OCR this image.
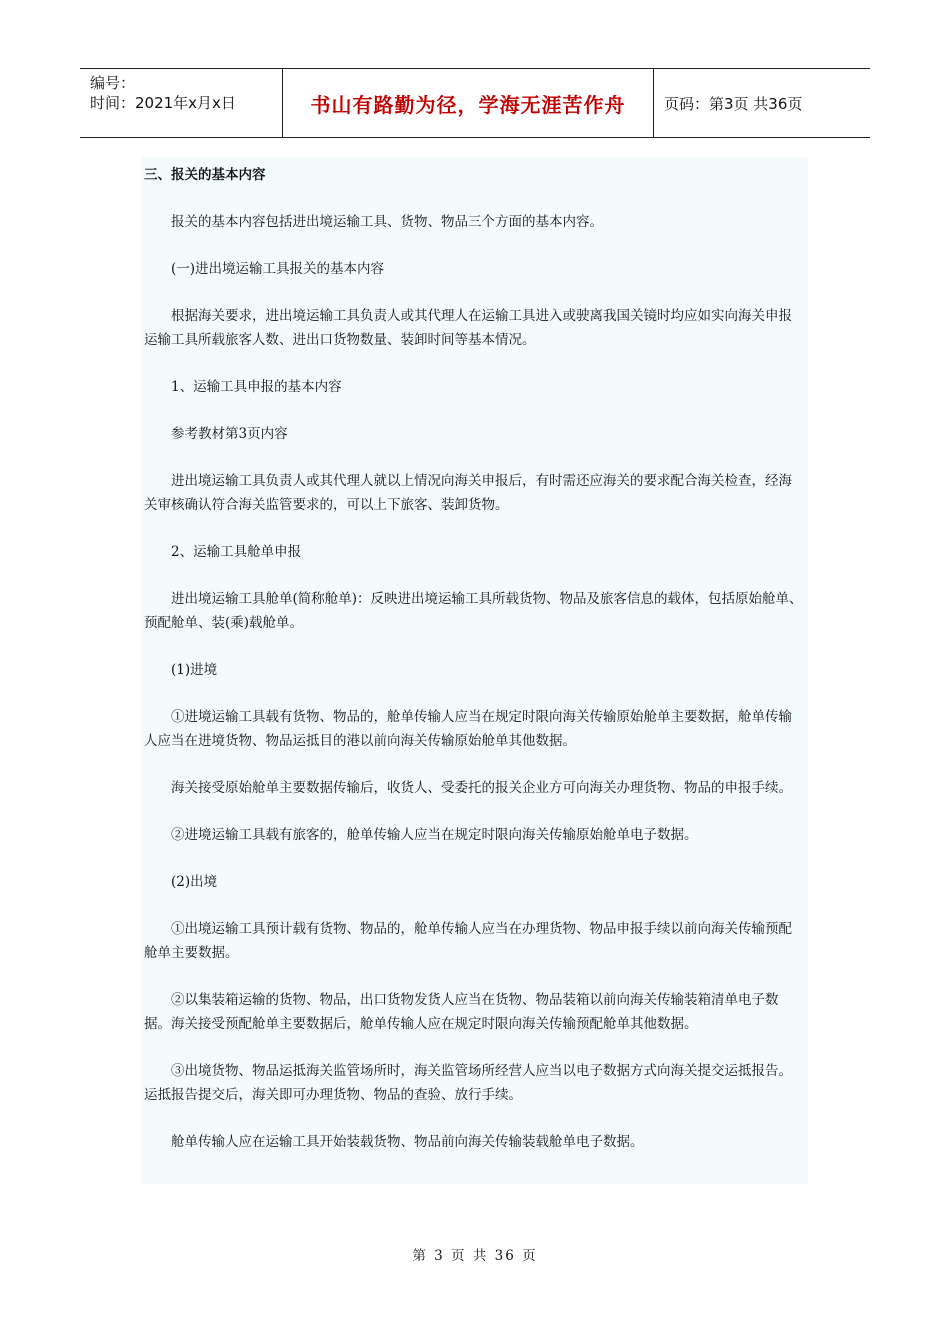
编号：
时间：2021年x月x日	书山有路勤为径，学海无涯苦作舟	页码：第3页 共36页

三、报关的基本内容

报关的基本内容包括进出境运输工具、货物、物品三个方面的基本内容。

(一)进出境运输工具报关的基本内容

根据海关要求，进出境运输工具负责人或其代理人在运输工具进入或驶离我国关镜时均应如实向海关申报运输工具所载旅客人数、进出口货物数量、装卸时间等基本情况。

1、运输工具申报的基本内容

参考教材第3页内容

进出境运输工具负责人或其代理人就以上情况向海关申报后，有时需还应海关的要求配合海关检查，经海关审核确认符合海关监管要求的，可以上下旅客、装卸货物。

2、运输工具舱单申报

进出境运输工具舱单(简称舱单)：反映进出境运输工具所载货物、物品及旅客信息的载体，包括原始舱单、预配舱单、装(乘)载舱单。

(1)进境

①进境运输工具载有货物、物品的，舱单传输人应当在规定时限向海关传输原始舱单主要数据，舱单传输人应当在进境货物、物品运抵目的港以前向海关传输原始舱单其他数据。

海关接受原始舱单主要数据传输后，收货人、受委托的报关企业方可向海关办理货物、物品的申报手续。

②进境运输工具载有旅客的，舱单传输人应当在规定时限向海关传输原始舱单电子数据。

(2)出境

①出境运输工具预计载有货物、物品的，舱单传输人应当在办理货物、物品申报手续以前向海关传输预配舱单主要数据。

②以集装箱运输的货物、物品，出口货物发货人应当在货物、物品装箱以前向海关传输装箱清单电子数据。海关接受预配舱单主要数据后，舱单传输人应在规定时限向海关传输预配舱单其他数据。

③出境货物、物品运抵海关监管场所时，海关监管场所经营人应当以电子数据方式向海关提交运抵报告。运抵报告提交后，海关即可办理货物、物品的查验、放行手续。

舱单传输人应在运输工具开始装载货物、物品前向海关传输装载舱单电子数据。

第 3 页 共 36 页
